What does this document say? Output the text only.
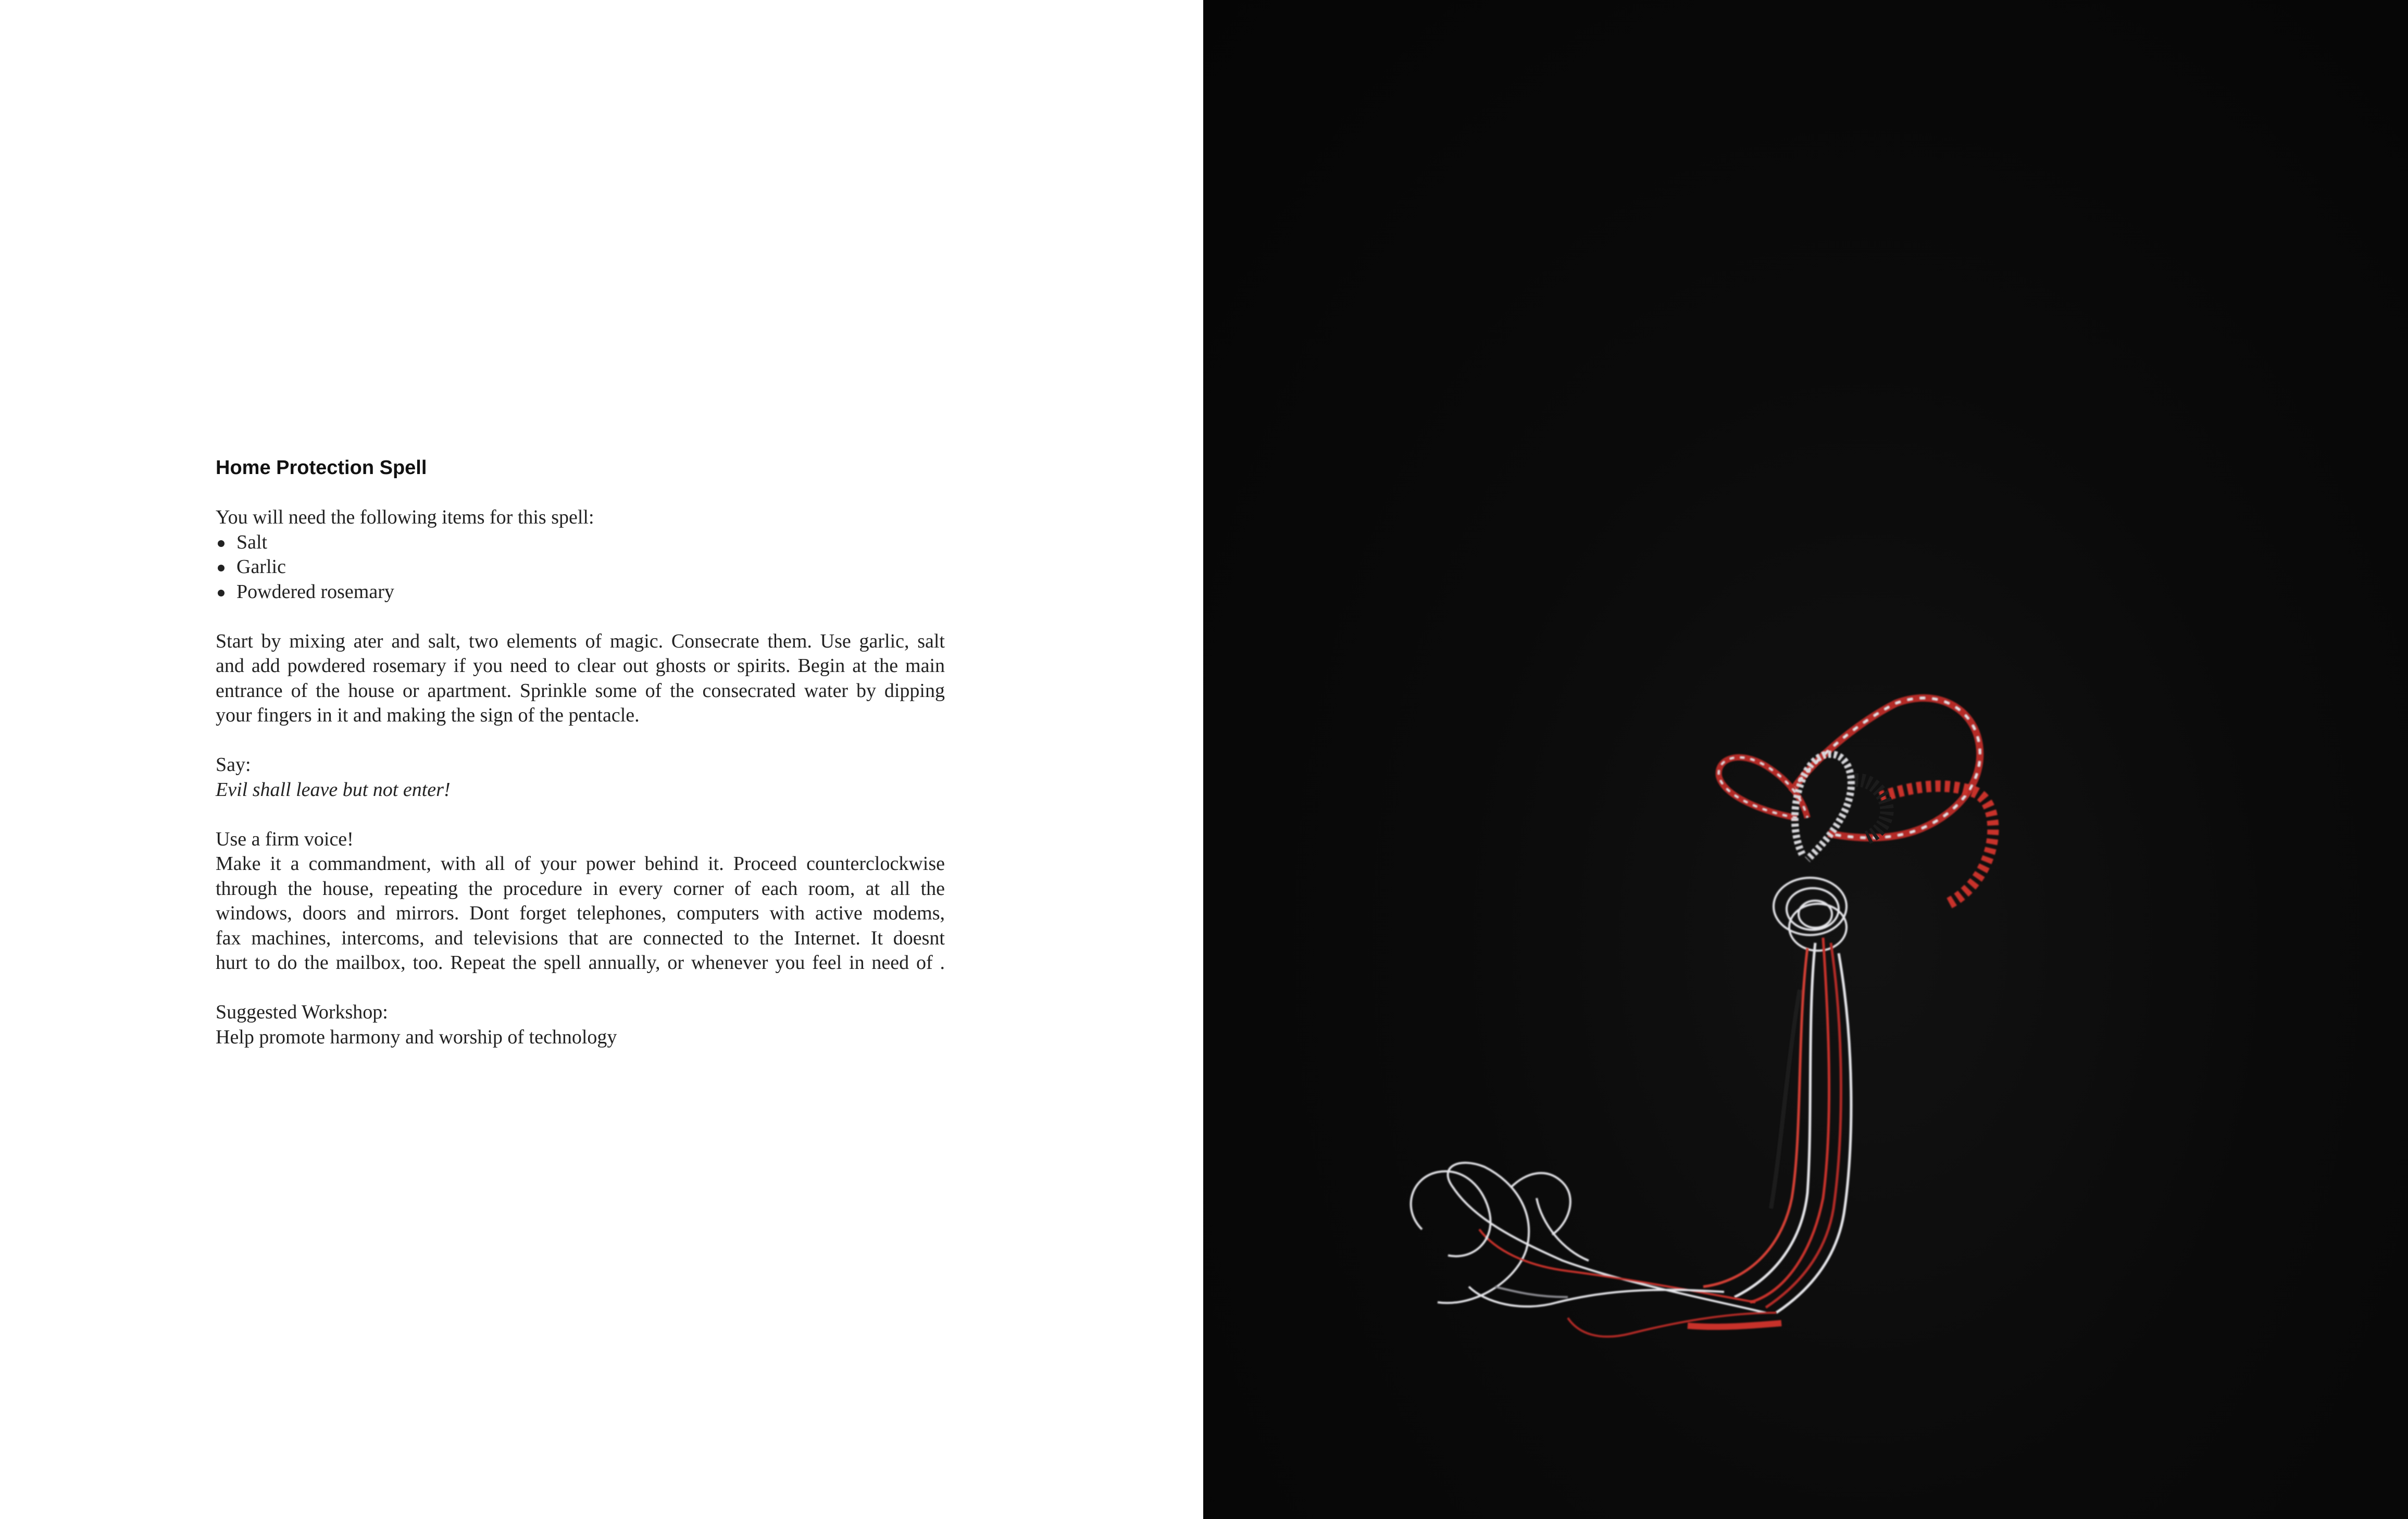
Home Protection Spell

You will need the following items for this spell:

Salt
Garlic
Powdered rosemary
Start by mixing ater and salt, two elements of magic. Consecrate them. Use garlic, salt
and add powdered rosemary if you need to clear out ghosts or spirits. Begin at the main
entrance of the house or apartment. Sprinkle some of the consecrated water by dipping
your fingers in it and making the sign of the pentacle.

Say:

Evil shall leave but not enter!

Use a firm voice!

Make it a commandment, with all of your power behind it. Proceed counterclockwise
through the house, repeating the procedure in every corner of each room, at all the
windows, doors and mirrors. Dont forget telephones, computers with active modems,
fax machines, intercoms, and televisions that are connected to the Internet. It doesnt
hurt to do the mailbox, too. Repeat the spell annually, or whenever you feel in need of .

Suggested Workshop:

Help promote harmony and worship of technology
